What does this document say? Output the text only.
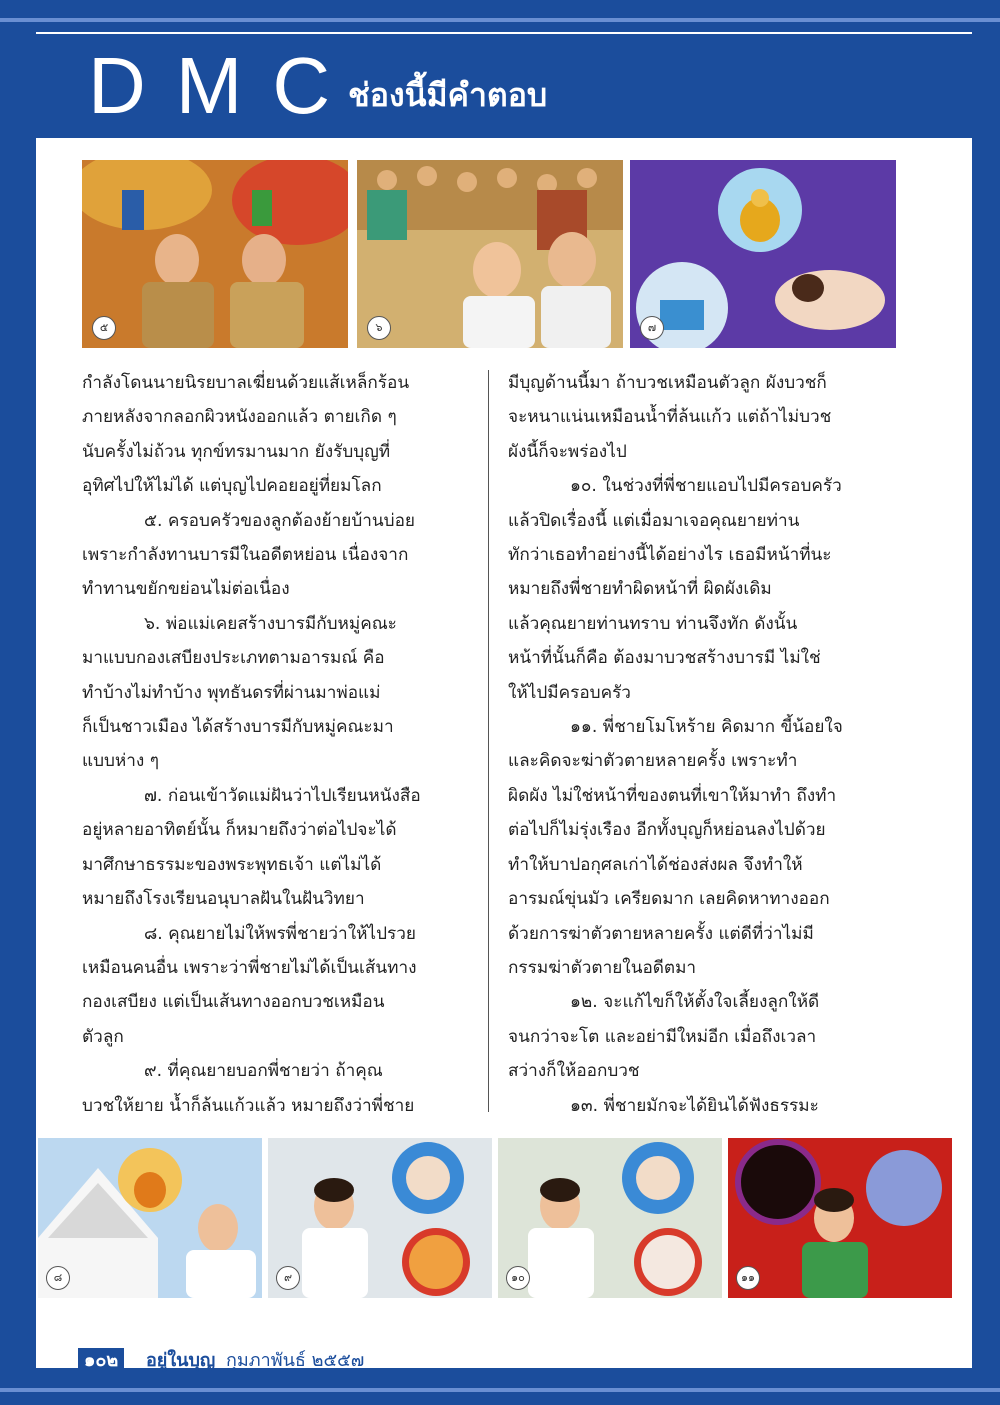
DMC
ช่องนี้มีคำตอบ
๕	๖	๗

กำลังโดนนายนิรยบาลเฆี่ยนด้วยแส้เหล็กร้อน

ภายหลังจากลอกผิวหนังออกแล้ว ตายเกิด ๆ

นับครั้งไม่ถ้วน ทุกข์ทรมานมาก ยังรับบุญที่

อุทิศไปให้ไม่ได้ แต่บุญไปคอยอยู่ที่ยมโลก

๕. ครอบครัวของลูกต้องย้ายบ้านบ่อย

เพราะกำลังทานบารมีในอดีตหย่อน เนื่องจาก

ทำทานขยักขย่อนไม่ต่อเนื่อง

๖. พ่อแม่เคยสร้างบารมีกับหมู่คณะ

มาแบบกองเสบียงประเภทตามอารมณ์ คือ

ทำบ้างไม่ทำบ้าง พุทธันดรที่ผ่านมาพ่อแม่

ก็เป็นชาวเมือง ได้สร้างบารมีกับหมู่คณะมา

แบบห่าง ๆ

๗. ก่อนเข้าวัดแม่ฝันว่าไปเรียนหนังสือ

อยู่หลายอาทิตย์นั้น ก็หมายถึงว่าต่อไปจะได้

มาศึกษาธรรมะของพระพุทธเจ้า แต่ไม่ได้

หมายถึงโรงเรียนอนุบาลฝันในฝันวิทยา

๘. คุณยายไม่ให้พรพี่ชายว่าให้ไปรวย

เหมือนคนอื่น เพราะว่าพี่ชายไม่ได้เป็นเส้นทาง

กองเสบียง แต่เป็นเส้นทางออกบวชเหมือน

ตัวลูก

๙. ที่คุณยายบอกพี่ชายว่า ถ้าคุณ

บวชให้ยาย น้ำก็ล้นแก้วแล้ว หมายถึงว่าพี่ชาย

มีบุญด้านนี้มา ถ้าบวชเหมือนตัวลูก ผังบวชก็

จะหนาแน่นเหมือนน้ำที่ล้นแก้ว แต่ถ้าไม่บวช

ผังนี้ก็จะพร่องไป

๑๐. ในช่วงที่พี่ชายแอบไปมีครอบครัว

แล้วปิดเรื่องนี้ แต่เมื่อมาเจอคุณยายท่าน

ทักว่าเธอทำอย่างนี้ได้อย่างไร เธอมีหน้าที่นะ

หมายถึงพี่ชายทำผิดหน้าที่ ผิดผังเดิม

แล้วคุณยายท่านทราบ ท่านจึงทัก ดังนั้น

หน้าที่นั้นก็คือ ต้องมาบวชสร้างบารมี ไม่ใช่

ให้ไปมีครอบครัว

๑๑. พี่ชายโมโหร้าย คิดมาก ขี้น้อยใจ

และคิดจะฆ่าตัวตายหลายครั้ง เพราะทำ

ผิดผัง ไม่ใช่หน้าที่ของตนที่เขาให้มาทำ ถึงทำ

ต่อไปก็ไม่รุ่งเรือง อีกทั้งบุญก็หย่อนลงไปด้วย

ทำให้บาปอกุศลเก่าได้ช่องส่งผล จึงทำให้

อารมณ์ขุ่นมัว เครียดมาก เลยคิดหาทางออก

ด้วยการฆ่าตัวตายหลายครั้ง แต่ดีที่ว่าไม่มี

กรรมฆ่าตัวตายในอดีตมา

๑๒. จะแก้ไขก็ให้ตั้งใจเลี้ยงลูกให้ดี

จนกว่าจะโต และอย่ามีใหม่อีก เมื่อถึงเวลา

สว่างก็ให้ออกบวช

๑๓. พี่ชายมักจะได้ยินได้ฟังธรรมะ

๘	๙	๑๐	๑๑
๑๐๒	อยู่ในบุญ กุมภาพันธ์ ๒๕๕๗
